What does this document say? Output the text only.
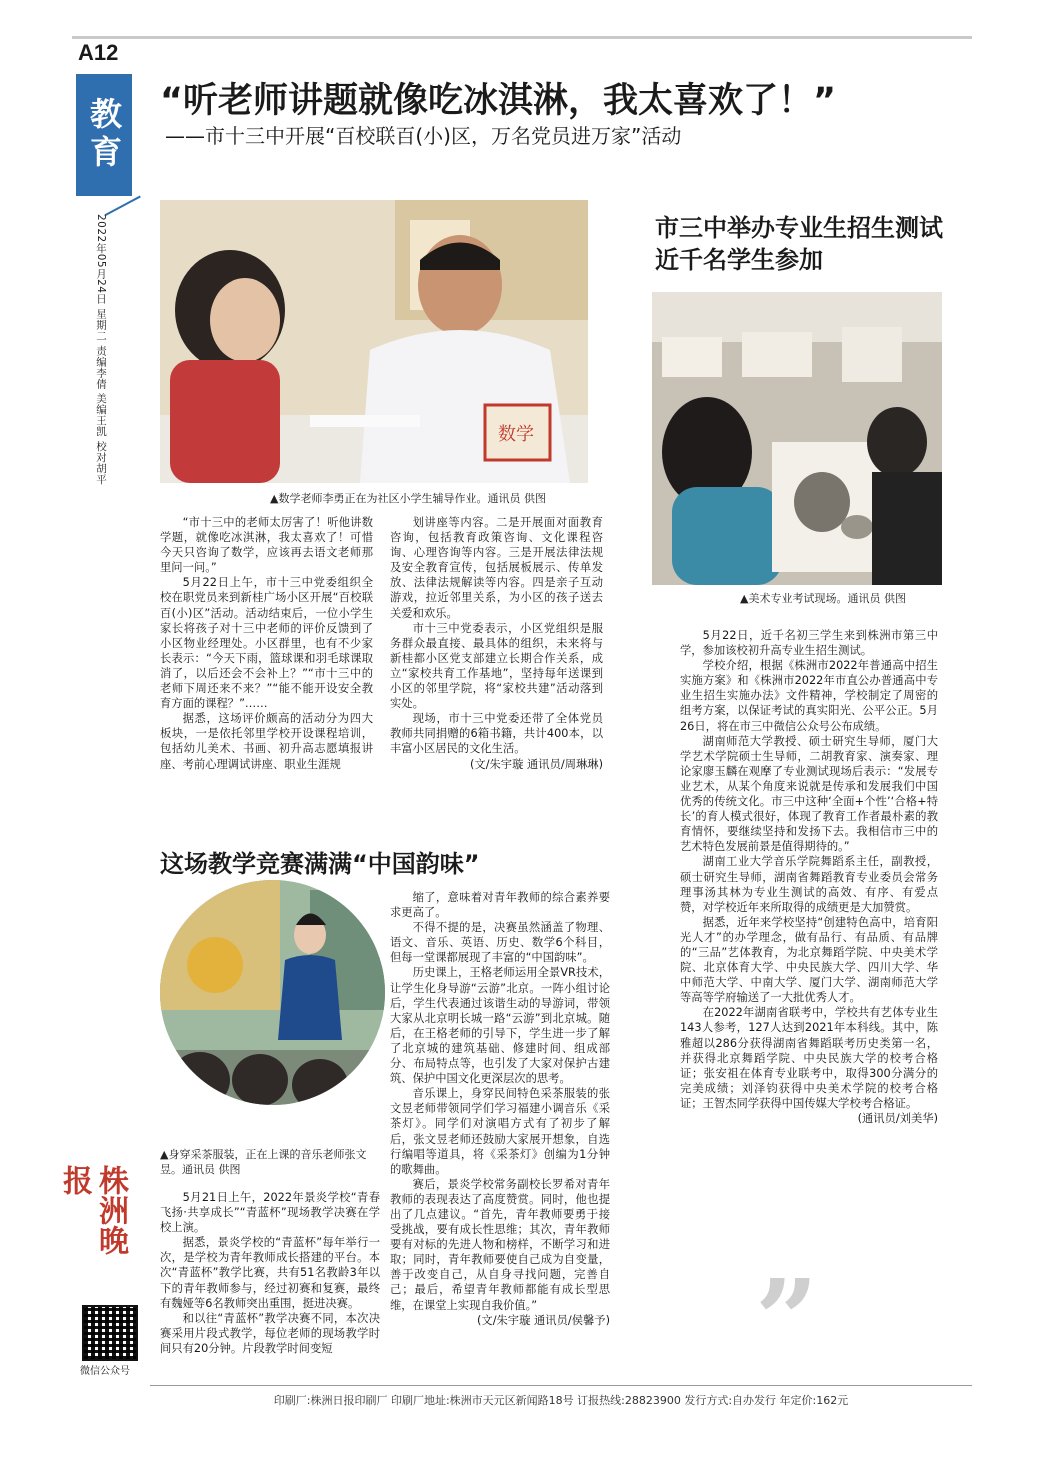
A12
教育
2022年05月24日 星期二 责编李倩 美编王凯 校对胡平
“听老师讲题就像吃冰淇淋，我太喜欢了！”
——市十三中开展“百校联百(小)区，万名党员进万家”活动
数学
▲数学老师李勇正在为社区小学生辅导作业。通讯员 供图

“市十三中的老师太厉害了！听他讲数学题，就像吃冰淇淋，我太喜欢了！可惜今天只咨询了数学，应该再去语文老师那里问一问。”

5月22日上午，市十三中党委组织全校在职党员来到新桂广场小区开展“百校联百(小)区”活动。活动结束后，一位小学生家长将孩子对十三中老师的评价反馈到了小区物业经理处。小区群里，也有不少家长表示：“今天下雨，篮球课和羽毛球课取消了，以后还会不会补上？”“市十三中的老师下周还来不来？”“能不能开设安全教育方面的课程？”……

据悉，这场评价颇高的活动分为四大板块，一是依托邻里学校开设课程培训，包括幼儿美术、书画、初升高志愿填报讲座、考前心理调试讲座、职业生涯规

划讲座等内容。二是开展面对面教育咨询，包括教育政策咨询、文化课程咨询、心理咨询等内容。三是开展法律法规及安全教育宣传，包括展板展示、传单发放、法律法规解读等内容。四是亲子互动游戏，拉近邻里关系，为小区的孩子送去关爱和欢乐。

市十三中党委表示，小区党组织是服务群众最直接、最具体的组织，未来将与新桂都小区党支部建立长期合作关系，成立“家校共育工作基地”，坚持每年送课到小区的邻里学院，将“家校共建”活动落到实处。

现场，市十三中党委还带了全体党员教师共同捐赠的6箱书籍，共计400本，以丰富小区居民的文化生活。

(文/朱宇璇 通讯员/周琳琳)

这场教学竞赛满满“中国韵味”
▲身穿采茶服装，正在上课的音乐老师张文昱。通讯员 供图

5月21日上午，2022年景炎学校“青春飞扬·共享成长”“青蓝杯”现场教学决赛在学校上演。

据悉，景炎学校的“青蓝杯”每年举行一次，是学校为青年教师成长搭建的平台。本次“青蓝杯”教学比赛，共有51名教龄3年以下的青年教师参与，经过初赛和复赛，最终有魏娅等6名教师突出重围，挺进决赛。

和以往“青蓝杯”教学决赛不同，本次决赛采用片段式教学，每位老师的现场教学时间只有20分钟。片段教学时间变短

缩了，意味着对青年教师的综合素养要求更高了。

不得不提的是，决赛虽然涵盖了物理、语文、音乐、英语、历史、数学6个科目，但每一堂课都展现了丰富的“中国韵味”。

历史课上，王格老师运用全景VR技术，让学生化身导游“云游”北京。一阵小组讨论后，学生代表通过该谐生动的导游词，带领大家从北京明长城一路“云游”到北京城。随后，在王格老师的引导下，学生进一步了解了北京城的建筑基础、修建时间、组成部分、布局特点等，也引发了大家对保护古建筑、保护中国文化更深层次的思考。

音乐课上，身穿民间特色采茶服装的张文昱老师带领同学们学习福建小调音乐《采茶灯》。同学们对演唱方式有了初步了解后，张文昱老师还鼓励大家展开想象，自选行编唱等道具，将《采茶灯》创编为1分钟的歌舞曲。

赛后，景炎学校常务副校长罗希对青年教师的表现表达了高度赞赏。同时，他也提出了几点建议。“首先，青年教师要勇于接受挑战，要有成长性思维；其次，青年教师要有对标的先进人物和榜样，不断学习和进取；同时，青年教师要使自己成为自变量，善于改变自己，从自身寻找问题，完善自己；最后，希望青年教师都能有成长型思维，在课堂上实现自我价值。”

(文/朱宇璇 通讯员/侯馨予)

市三中举办专业生招生测试
近千名学生参加
▲美术专业考试现场。通讯员 供图

5月22日，近千名初三学生来到株洲市第三中学，参加该校初升高专业生招生测试。

学校介绍，根据《株洲市2022年普通高中招生实施方案》和《株洲市2022年市直公办普通高中专业生招生实施办法》文件精神，学校制定了周密的组考方案，以保证考试的真实阳光、公平公正。5月26日，将在市三中微信公众号公布成绩。

湖南师范大学教授、硕士研究生导师，厦门大学艺术学院硕士生导师，二胡教育家、演奏家、理论家廖玉麟在观摩了专业测试现场后表示：“发展专业艺术，从某个角度来说就是传承和发展我们中国优秀的传统文化。市三中这种‘全面+个性’‘合格+特长’的育人模式很好，体现了教育工作者最朴素的教育情怀，要继续坚持和发扬下去。我相信市三中的艺术特色发展前景是值得期待的。”

湖南工业大学音乐学院舞蹈系主任，副教授，硕士研究生导师，湖南省舞蹈教育专业委员会常务理事汤其林为专业生测试的高效、有序、有爱点赞，对学校近年来所取得的成绩更是大加赞赏。

据悉，近年来学校坚持“创建特色高中，培育阳光人才”的办学理念，做有品行、有品质、有品牌的“三品”艺体教育，为北京舞蹈学院、中央美术学院、北京体育大学、中央民族大学、四川大学、华中师范大学、中南大学、厦门大学、湖南师范大学等高等学府输送了一大批优秀人才。

在2022年湖南省联考中，学校共有艺体专业生143人参考，127人达到2021年本科线。其中，陈雅超以286分获得湖南省舞蹈联考历史类第一名，并获得北京舞蹈学院、中央民族大学的校考合格证；张安祖在体育专业联考中，取得300分满分的完美成绩；刘泽钧获得中央美术学院的校考合格证；王智杰同学获得中国传媒大学校考合格证。

(通讯员/刘美华)

”
株洲晚报
微信公众号
印刷厂:株洲日报印刷厂 印刷厂地址:株洲市天元区新闻路18号 订报热线:28823900 发行方式:自办发行 年定价:162元
